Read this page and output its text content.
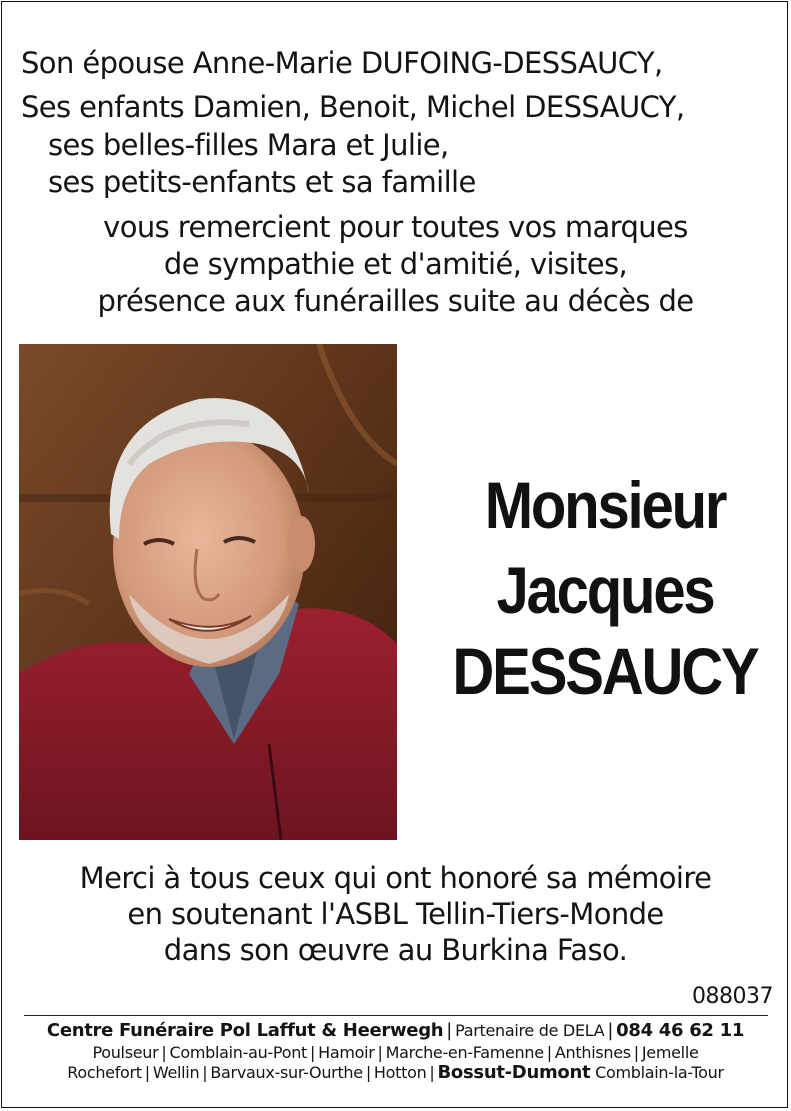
Son épouse Anne-Marie DUFOING-DESSAUCY,
Ses enfants Damien, Benoit, Michel DESSAUCY,
ses belles-filles Mara et Julie,
ses petits-enfants et sa famille
vous remercient pour toutes vos marques
de sympathie et d'amitié, visites,
présence aux funérailles suite au décès de
Monsieur
Jacques
DESSAUCY
Merci à tous ceux qui ont honoré sa mémoire
en soutenant l'ASBL Tellin-Tiers-Monde
dans son œuvre au Burkina Faso.
088037
Centre Funéraire Pol Laffut & Heerwegh | Partenaire de DELA | 084 46 62 11
Poulseur | Comblain-au-Pont | Hamoir | Marche-en-Famenne | Anthisnes | Jemelle
Rochefort | Wellin | Barvaux-sur-Ourthe | Hotton | Bossut-Dumont Comblain-la-Tour
